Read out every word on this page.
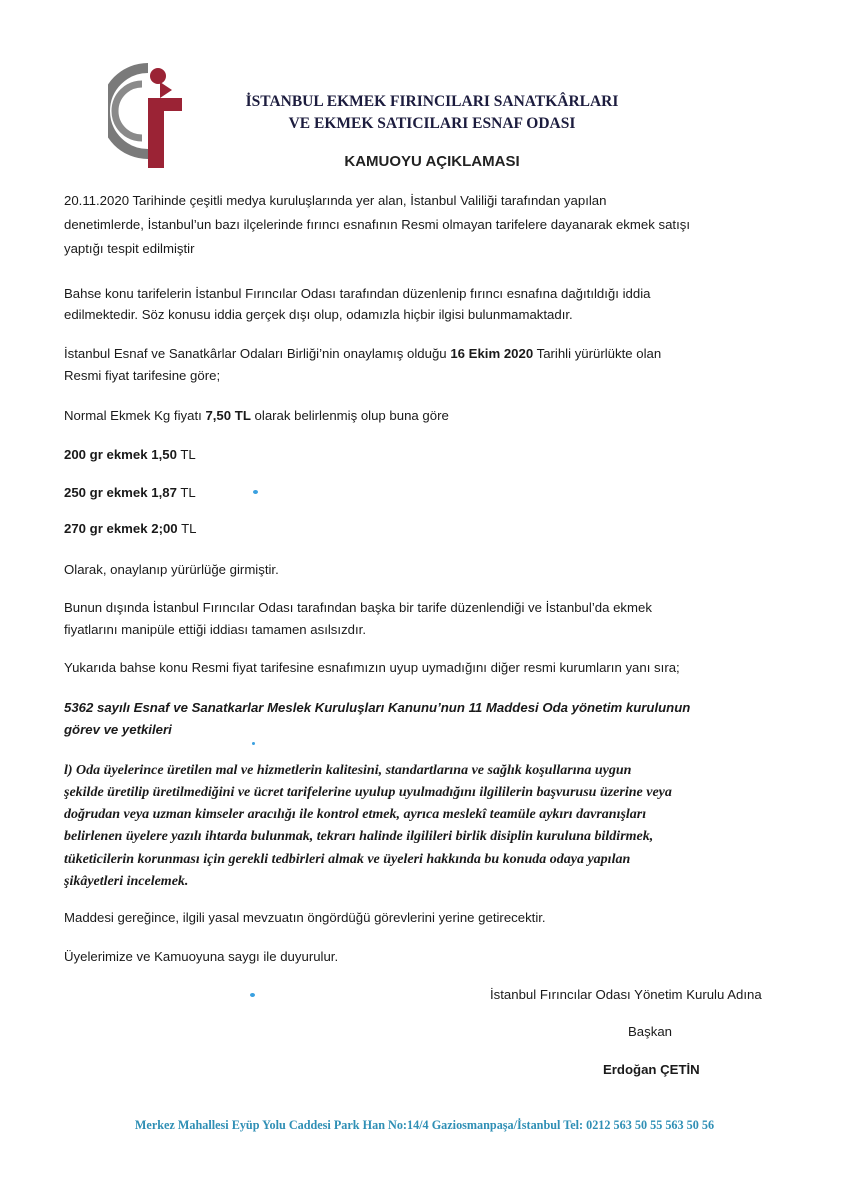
İSTANBUL EKMEK FIRINCILARI SANATKÂRLARI
VE EKMEK SATICILARI ESNAF ODASI
KAMUOYU AÇIKLAMASI
20.11.2020 Tarihinde çeşitli medya kuruluşlarında yer alan, İstanbul Valiliği tarafından yapılan
denetimlerde, İstanbul’un bazı ilçelerinde fırıncı esnafının Resmi olmayan tarifelere dayanarak ekmek satışı
yaptığı tespit edilmiştir
Bahse konu tarifelerin İstanbul Fırıncılar Odası tarafından düzenlenip fırıncı esnafına dağıtıldığı iddia
edilmektedir. Söz konusu iddia gerçek dışı olup, odamızla hiçbir ilgisi bulunmamaktadır.
İstanbul Esnaf ve Sanatkârlar Odaları Birliği’nin onaylamış olduğu 16 Ekim 2020 Tarihli yürürlükte olan
Resmi fiyat tarifesine göre;
Normal Ekmek Kg fiyatı 7,50 TL olarak belirlenmiş olup buna göre
200 gr ekmek 1,50 TL
250 gr ekmek 1,87 TL
270 gr ekmek 2;00 TL
Olarak, onaylanıp yürürlüğe girmiştir.
Bunun dışında İstanbul Fırıncılar Odası tarafından başka bir tarife düzenlendiği ve İstanbul’da ekmek
fiyatlarını manipüle ettiği iddiası tamamen asılsızdır.
Yukarıda bahse konu Resmi fiyat tarifesine esnafımızın uyup uymadığını diğer resmi kurumların yanı sıra;
5362 sayılı Esnaf ve Sanatkarlar Meslek Kuruluşları Kanunu’nun 11 Maddesi Oda yönetim kurulunun
görev ve yetkileri
l) Oda üyelerince üretilen mal ve hizmetlerin kalitesini, standartlarına ve sağlık koşullarına uygun
şekilde üretilip üretilmediğini ve ücret tarifelerine uyulup uyulmadığını ilgililerin başvurusu üzerine veya
doğrudan veya uzman kimseler aracılığı ile kontrol etmek, ayrıca meslekî teamüle aykırı davranışları
belirlenen üyelere yazılı ihtarda bulunmak, tekrarı halinde ilgilileri birlik disiplin kuruluna bildirmek,
tüketicilerin korunması için gerekli tedbirleri almak ve üyeleri hakkında bu konuda odaya yapılan
şikâyetleri incelemek.
Maddesi gereğince, ilgili yasal mevzuatın öngördüğü görevlerini yerine getirecektir.
Üyelerimize ve Kamuoyuna saygı ile duyurulur.
İstanbul Fırıncılar Odası Yönetim Kurulu Adına
Başkan
Erdoğan ÇETİN
Merkez Mahallesi Eyüp Yolu Caddesi Park Han No:14/4 Gaziosmanpaşa/İstanbul Tel: 0212 563 50 55 563 50 56
